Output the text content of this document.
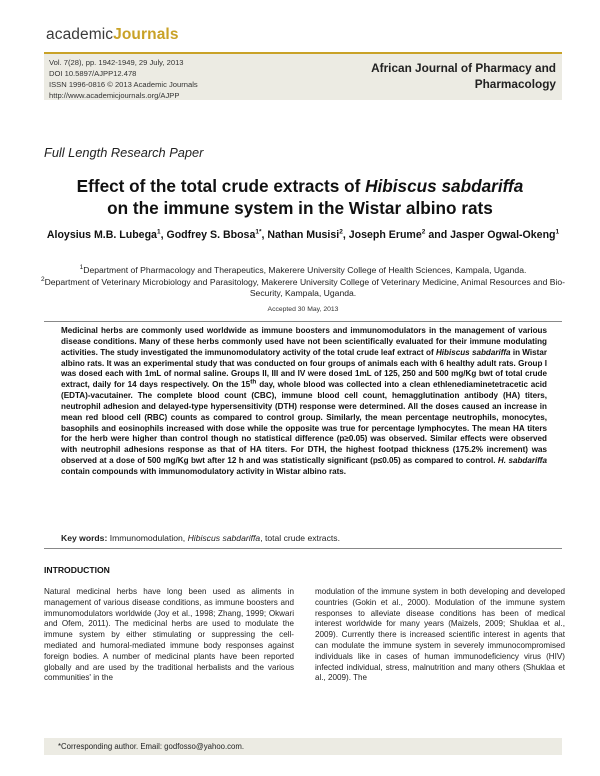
academicJournals
Vol. 7(28), pp. 1942-1949, 29 July, 2013
DOI 10.5897/AJPP12.478
ISSN 1996-0816 © 2013 Academic Journals
http://www.academicjournals.org/AJPP
African Journal of Pharmacy and Pharmacology
Full Length Research Paper
Effect of the total crude extracts of Hibiscus sabdariffa
on the immune system in the Wistar albino rats
Aloysius M.B. Lubega$^1$, Godfrey S. Bbosa$^{1*}$, Nathan Musisi$^2$, Joseph Erume$^2$ and Jasper Ogwal-Okeng$^1$
$^1$Department of Pharmacology and Therapeutics, Makerere University College of Health Sciences, Kampala, Uganda.
$^2$Department of Veterinary Microbiology and Parasitology, Makerere University College of Veterinary Medicine, Animal Resources and Bio-Security, Kampala, Uganda.
Accepted 30 May, 2013
Medicinal herbs are commonly used worldwide as immune boosters and immunomodulators in the management of various disease conditions. Many of these herbs commonly used have not been scientifically evaluated for their immune modulating activities. The study investigated the immunomodulatory activity of the total crude leaf extract of Hibiscus sabdariffa in Wistar albino rats. It was an experimental study that was conducted on four groups of animals each with 6 healthy adult rats. Group I was dosed each with 1mL of normal saline. Groups II, III and IV were dosed 1mL of 125, 250 and 500 mg/Kg bwt of total crude extract, daily for 14 days respectively. On the 15th day, whole blood was collected into a clean ethlenediaminetetracetic acid (EDTA)-vacutainer. The complete blood count (CBC), immune blood cell count, hemagglutination antibody (HA) titers, neutrophil adhesion and delayed-type hypersensitivity (DTH) response were determined. All the doses caused an increase in mean red blood cell (RBC) counts as compared to control group. Similarly, the mean percentage neutrophils, monocytes, basophils and eosinophils increased with dose while the opposite was true for percentage lymphocytes. The mean HA titers for the herb were higher than control though no statistical difference (p≥0.05) was observed. Similar effects were observed with neutrophil adhesions response as that of HA titers. For DTH, the highest footpad thickness (175.2% increment) was observed at a dose of 500 mg/Kg bwt after 12 h and was statistically significant (p≤0.05) as compared to control. H. sabdariffa contain compounds with immunomodulatory activity in Wistar albino rats.
Key words: Immunomodulation, Hibiscus sabdariffa, total crude extracts.
INTRODUCTION
Natural medicinal herbs have long been used as aliments in management of various disease conditions, as immune boosters and immunomodulators worldwide (Joy et al., 1998; Zhang, 1999; Okwari and Ofem, 2011). The medicinal herbs are used to modulate the immune system by either stimulating or suppressing the cell-mediated and humoral-mediated immune body responses against foreign bodies. A number of medicinal plants have been reported globally and are used by the traditional herbalists and the various communities' in the
modulation of the immune system in both developing and developed countries (Gokin et al., 2000). Modulation of the immune system responses to alleviate disease conditions has been of medical interest worldwide for many years (Maizels, 2009; Shuklaa et al., 2009). Currently there is increased scientific interest in agents that can modulate the immune system in severely immunocompromised individuals like in cases of human immunodeficiency virus (HIV) infected individual, stress, malnutrition and many others (Shuklaa et al., 2009). The
*Corresponding author. Email: godfosso@yahoo.com.
